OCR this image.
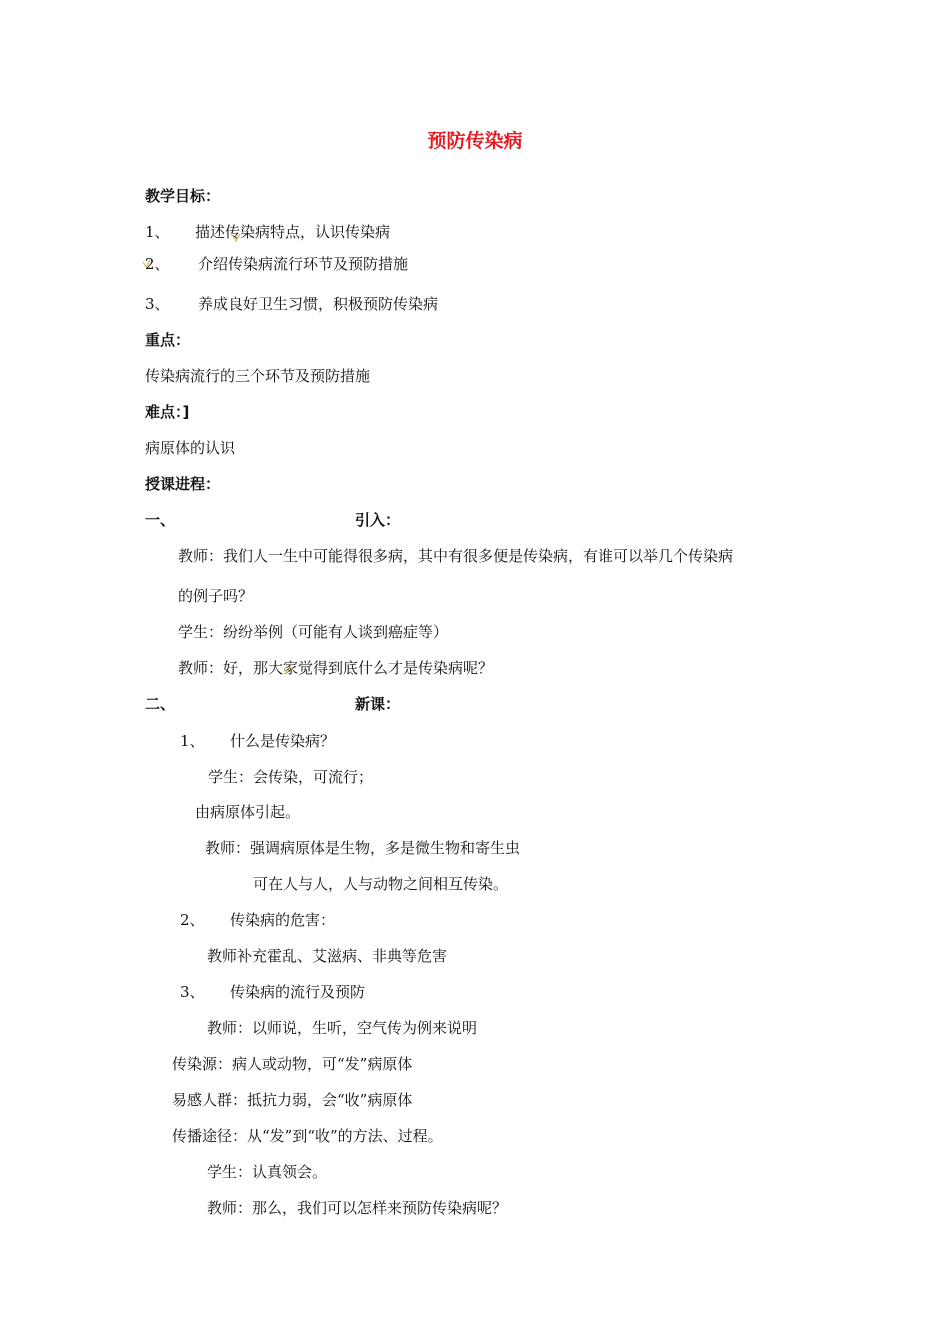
预防传染病
教学目标：
1、 描述传染病特点，认识传染病
2、 介绍传染病流行环节及预防措施
3、 养成良好卫生习惯，积极预防传染病
重点：
传染病流行的三个环节及预防措施
难点：]
病原体的认识
授课进程：
一、	引入：
教师：我们人一生中可能得很多病，其中有很多便是传染病，有谁可以举几个传染病
的例子吗？
学生：纷纷举例（可能有人谈到癌症等）
教师：好，那大家觉得到底什么才是传染病呢？
二、	新课：
1、 什么是传染病？
学生：会传染，可流行；
由病原体引起。
教师：强调病原体是生物，多是微生物和寄生虫
可在人与人，人与动物之间相互传染。
2、 传染病的危害：
教师补充霍乱、艾滋病、非典等危害
3、 传染病的流行及预防
教师：以师说，生听，空气传为例来说明
传染源：病人或动物，可“发”病原体
易感人群：抵抗力弱，会“收”病原体
传播途径：从“发”到“收”的方法、过程。
学生：认真领会。
教师：那么，我们可以怎样来预防传染病呢？
